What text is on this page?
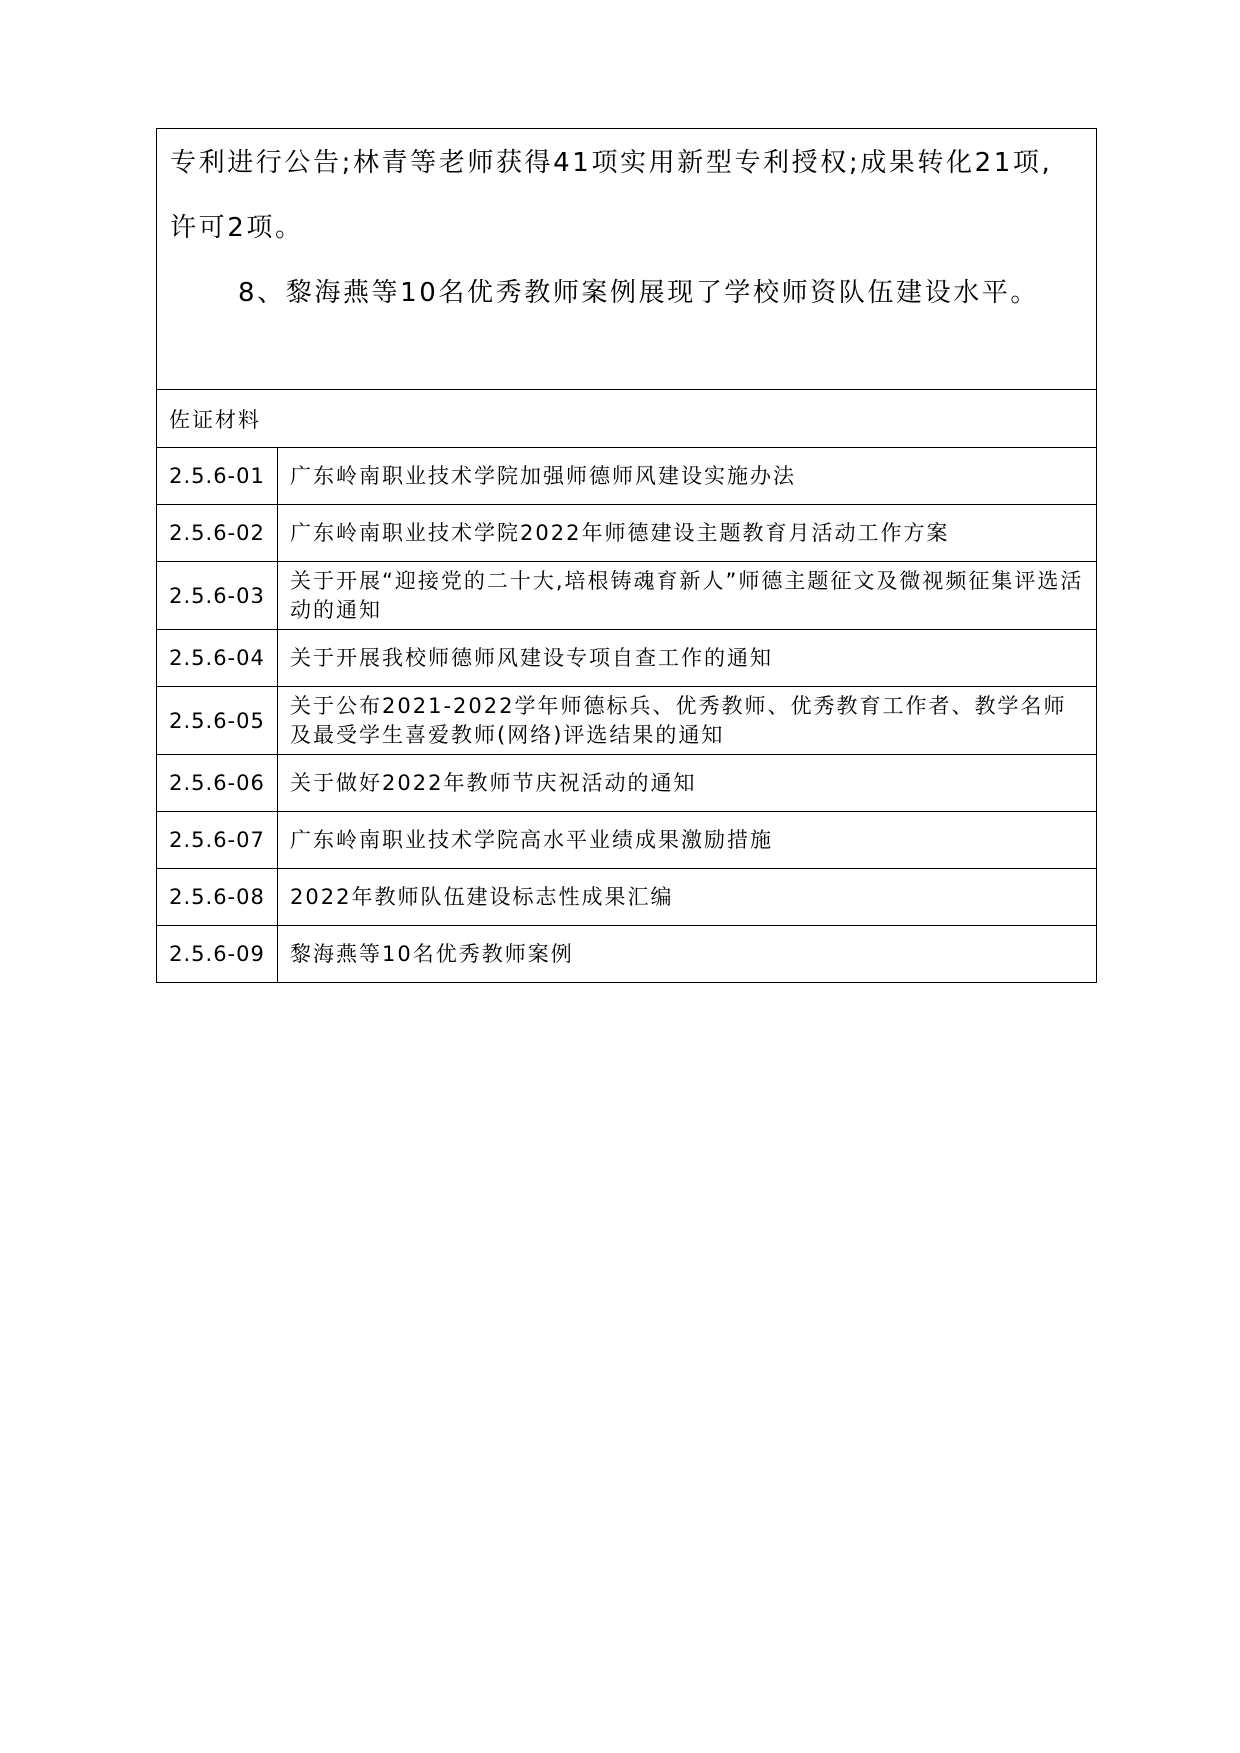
专利进行公告;林青等老师获得41项实用新型专利授权;成果转化21项,
许可2项。
8、黎海燕等10名优秀教师案例展现了学校师资队伍建设水平。	

佐证材料	
2.5.6-01	广东岭南职业技术学院加强师德师风建设实施办法
2.5.6-02	广东岭南职业技术学院2022年师德建设主题教育月活动工作方案
2.5.6-03	关于开展“迎接党的二十大,培根铸魂育新人”师德主题征文及微视频征集评选活动的通知
2.5.6-04	关于开展我校师德师风建设专项自查工作的通知
2.5.6-05	关于公布2021-2022学年师德标兵、优秀教师、优秀教育工作者、教学名师及最受学生喜爱教师(网络)评选结果的通知
2.5.6-06	关于做好2022年教师节庆祝活动的通知
2.5.6-07	广东岭南职业技术学院高水平业绩成果激励措施
2.5.6-08	2022年教师队伍建设标志性成果汇编
2.5.6-09	黎海燕等10名优秀教师案例
